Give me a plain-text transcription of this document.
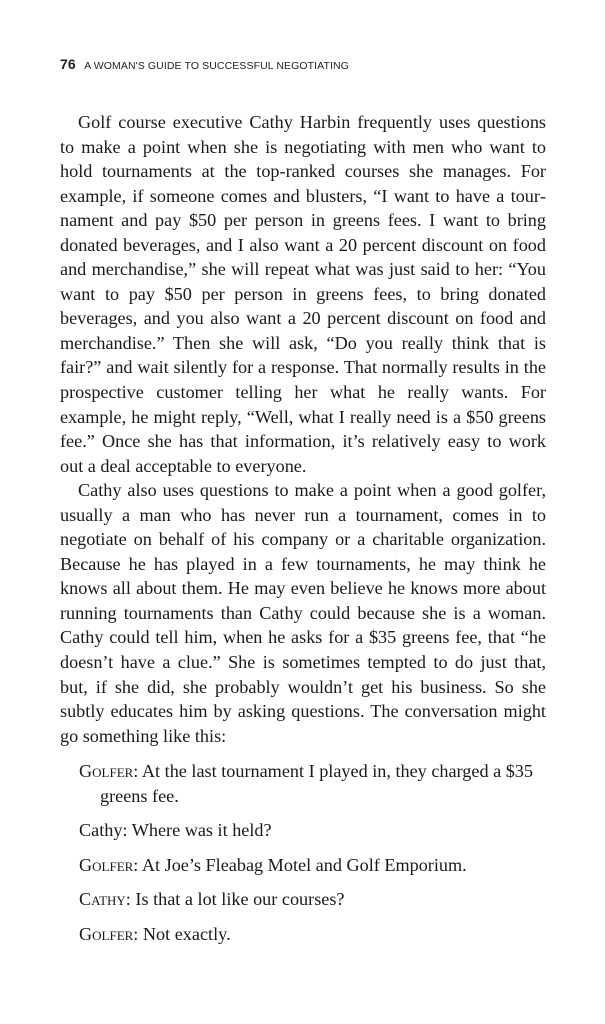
76 A WOMAN'S GUIDE TO SUCCESSFUL NEGOTIATING

Golf course executive Cathy Harbin frequently uses questions to make a point when she is negotiating with men who want to hold tournaments at the top-ranked courses she manages. For example, if someone comes and blusters, “I want to have a tournament and pay $50 per person in greens fees. I want to bring donated beverages, and I also want a 20 percent discount on food and merchandise,” she will repeat what was just said to her: “You want to pay $50 per person in greens fees, to bring donated beverages, and you also want a 20 percent discount on food and merchandise.” Then she will ask, “Do you really think that is fair?” and wait silently for a response. That normally results in the prospective customer telling her what he really wants. For example, he might reply, “Well, what I really need is a $50 greens fee.” Once she has that information, it’s relatively easy to work out a deal acceptable to everyone.

Cathy also uses questions to make a point when a good golfer, usually a man who has never run a tournament, comes in to negotiate on behalf of his company or a charitable organization. Because he has played in a few tournaments, he may think he knows all about them. He may even believe he knows more about running tournaments than Cathy could because she is a woman. Cathy could tell him, when he asks for a $35 greens fee, that “he doesn’t have a clue.” She is sometimes tempted to do just that, but, if she did, she probably wouldn’t get his business. So she subtly educates him by asking questions. The conversation might go something like this:

Golfer: At the last tournament I played in, they charged a $35 greens fee.

Cathy: Where was it held?

Golfer: At Joe’s Fleabag Motel and Golf Emporium.

Cathy: Is that a lot like our courses?

Golfer: Not exactly.
